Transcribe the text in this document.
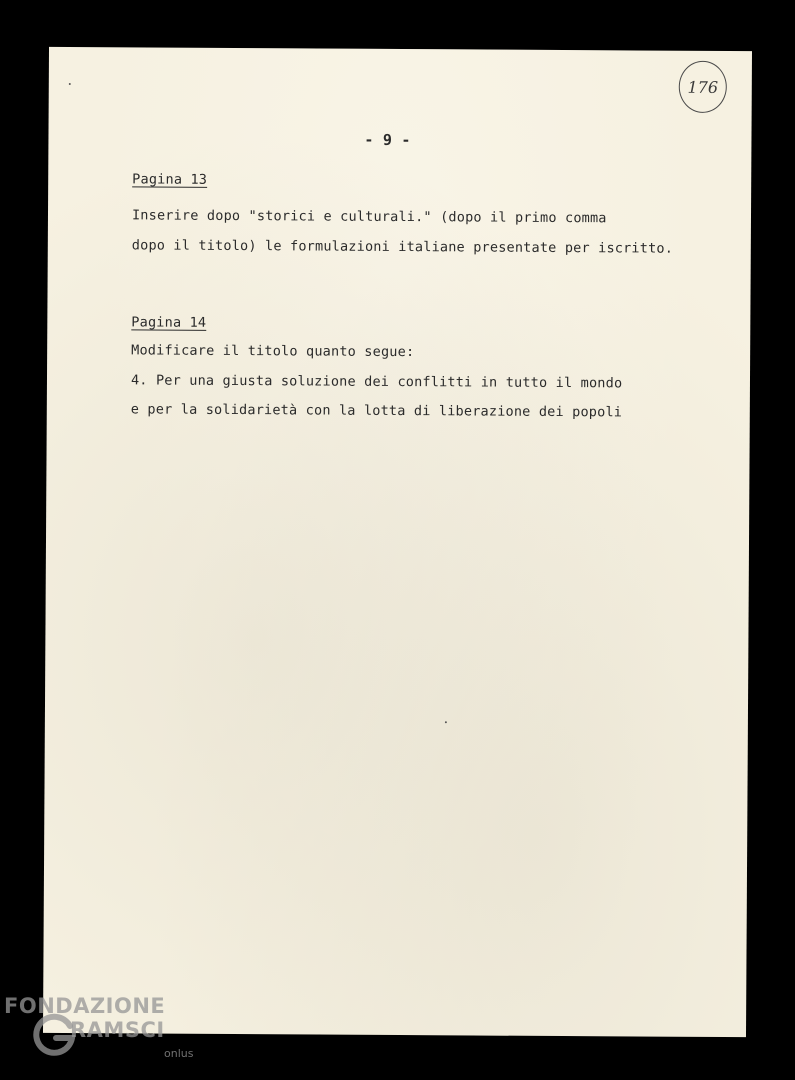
176
- 9 -
Pagina 13
Inserire dopo "storici e culturali." (dopo il primo comma
dopo il titolo) le formulazioni italiane presentate per iscritto.
Pagina 14
Modificare il titolo quanto segue:
4. Per una giusta soluzione dei conflitti in tutto il mondo
e per la solidarietà con la lotta di liberazione dei popoli
FONDAZIONE
RAMSCI
onlus
